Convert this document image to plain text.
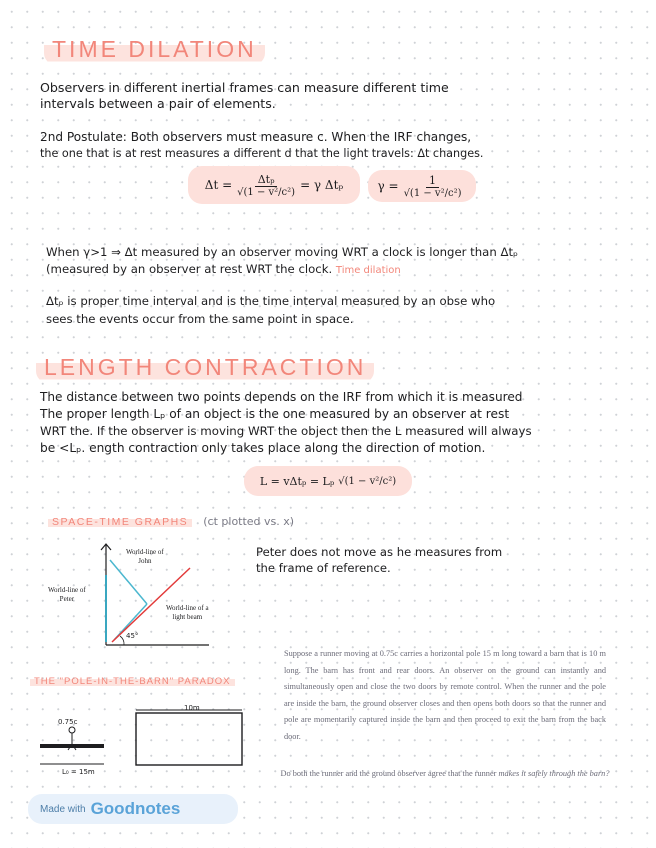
TIME DILATION
Observers in different inertial frames can measure different time
intervals between a pair of elements.
2nd Postulate: Both observers must measure c. When the IRF changes,
the one that is at rest measures a different d that the light travels: Δt changes.
$\Delta t = \frac{\text{Δtₚ}}{\text{√(1 − v²/c²)}} = \gamma$ Δtₚ	$\gamma = \frac{1}{\text{√(1 − v²/c²)}}$
When γ>1 ⇒ Δt measured by an observer moving WRT a clock is longer than Δtₚ
(measured by an observer at rest WRT the clock. Time dilation
Δtₚ is proper time interval and is the time interval measured by an obse who
sees the events occur from the same point in space.
LENGTH CONTRACTION
The distance between two points depends on the IRF from which it is measured
The proper length Lₚ of an object is the one measured by an observer at rest
WRT the. If the observer is moving WRT the object then the L measured will always
be <Lₚ. ength contraction only takes place along the direction of motion.
L = vΔtₚ = Lₚ √(1 − v²/c²)
SPACE-TIME GRAPHS (ct plotted vs. x)
World-line of
John
World-line of
Peter
World-line of a
light beam
45°
Peter does not move as he measures from
the frame of reference.
THE "POLE-IN-THE-BARN" PARADOX
10m
0.75c
L₀ = 15m
Suppose a runner moving at 0.75c carries a horizontal pole 15 m long toward a barn that is 10 m long. The barn has front and rear doors. An observer on the ground can instantly and simultaneously open and close the two doors by remote control. When the runner and the pole are inside the barn, the ground observer closes and then opens both doors so that the runner and pole are momentarily captured inside the barn and then proceed to exit the barn from the back door.
Do both the runner and the ground observer agree that the runner makes it safely through the barn?
Made with Goodnotes
